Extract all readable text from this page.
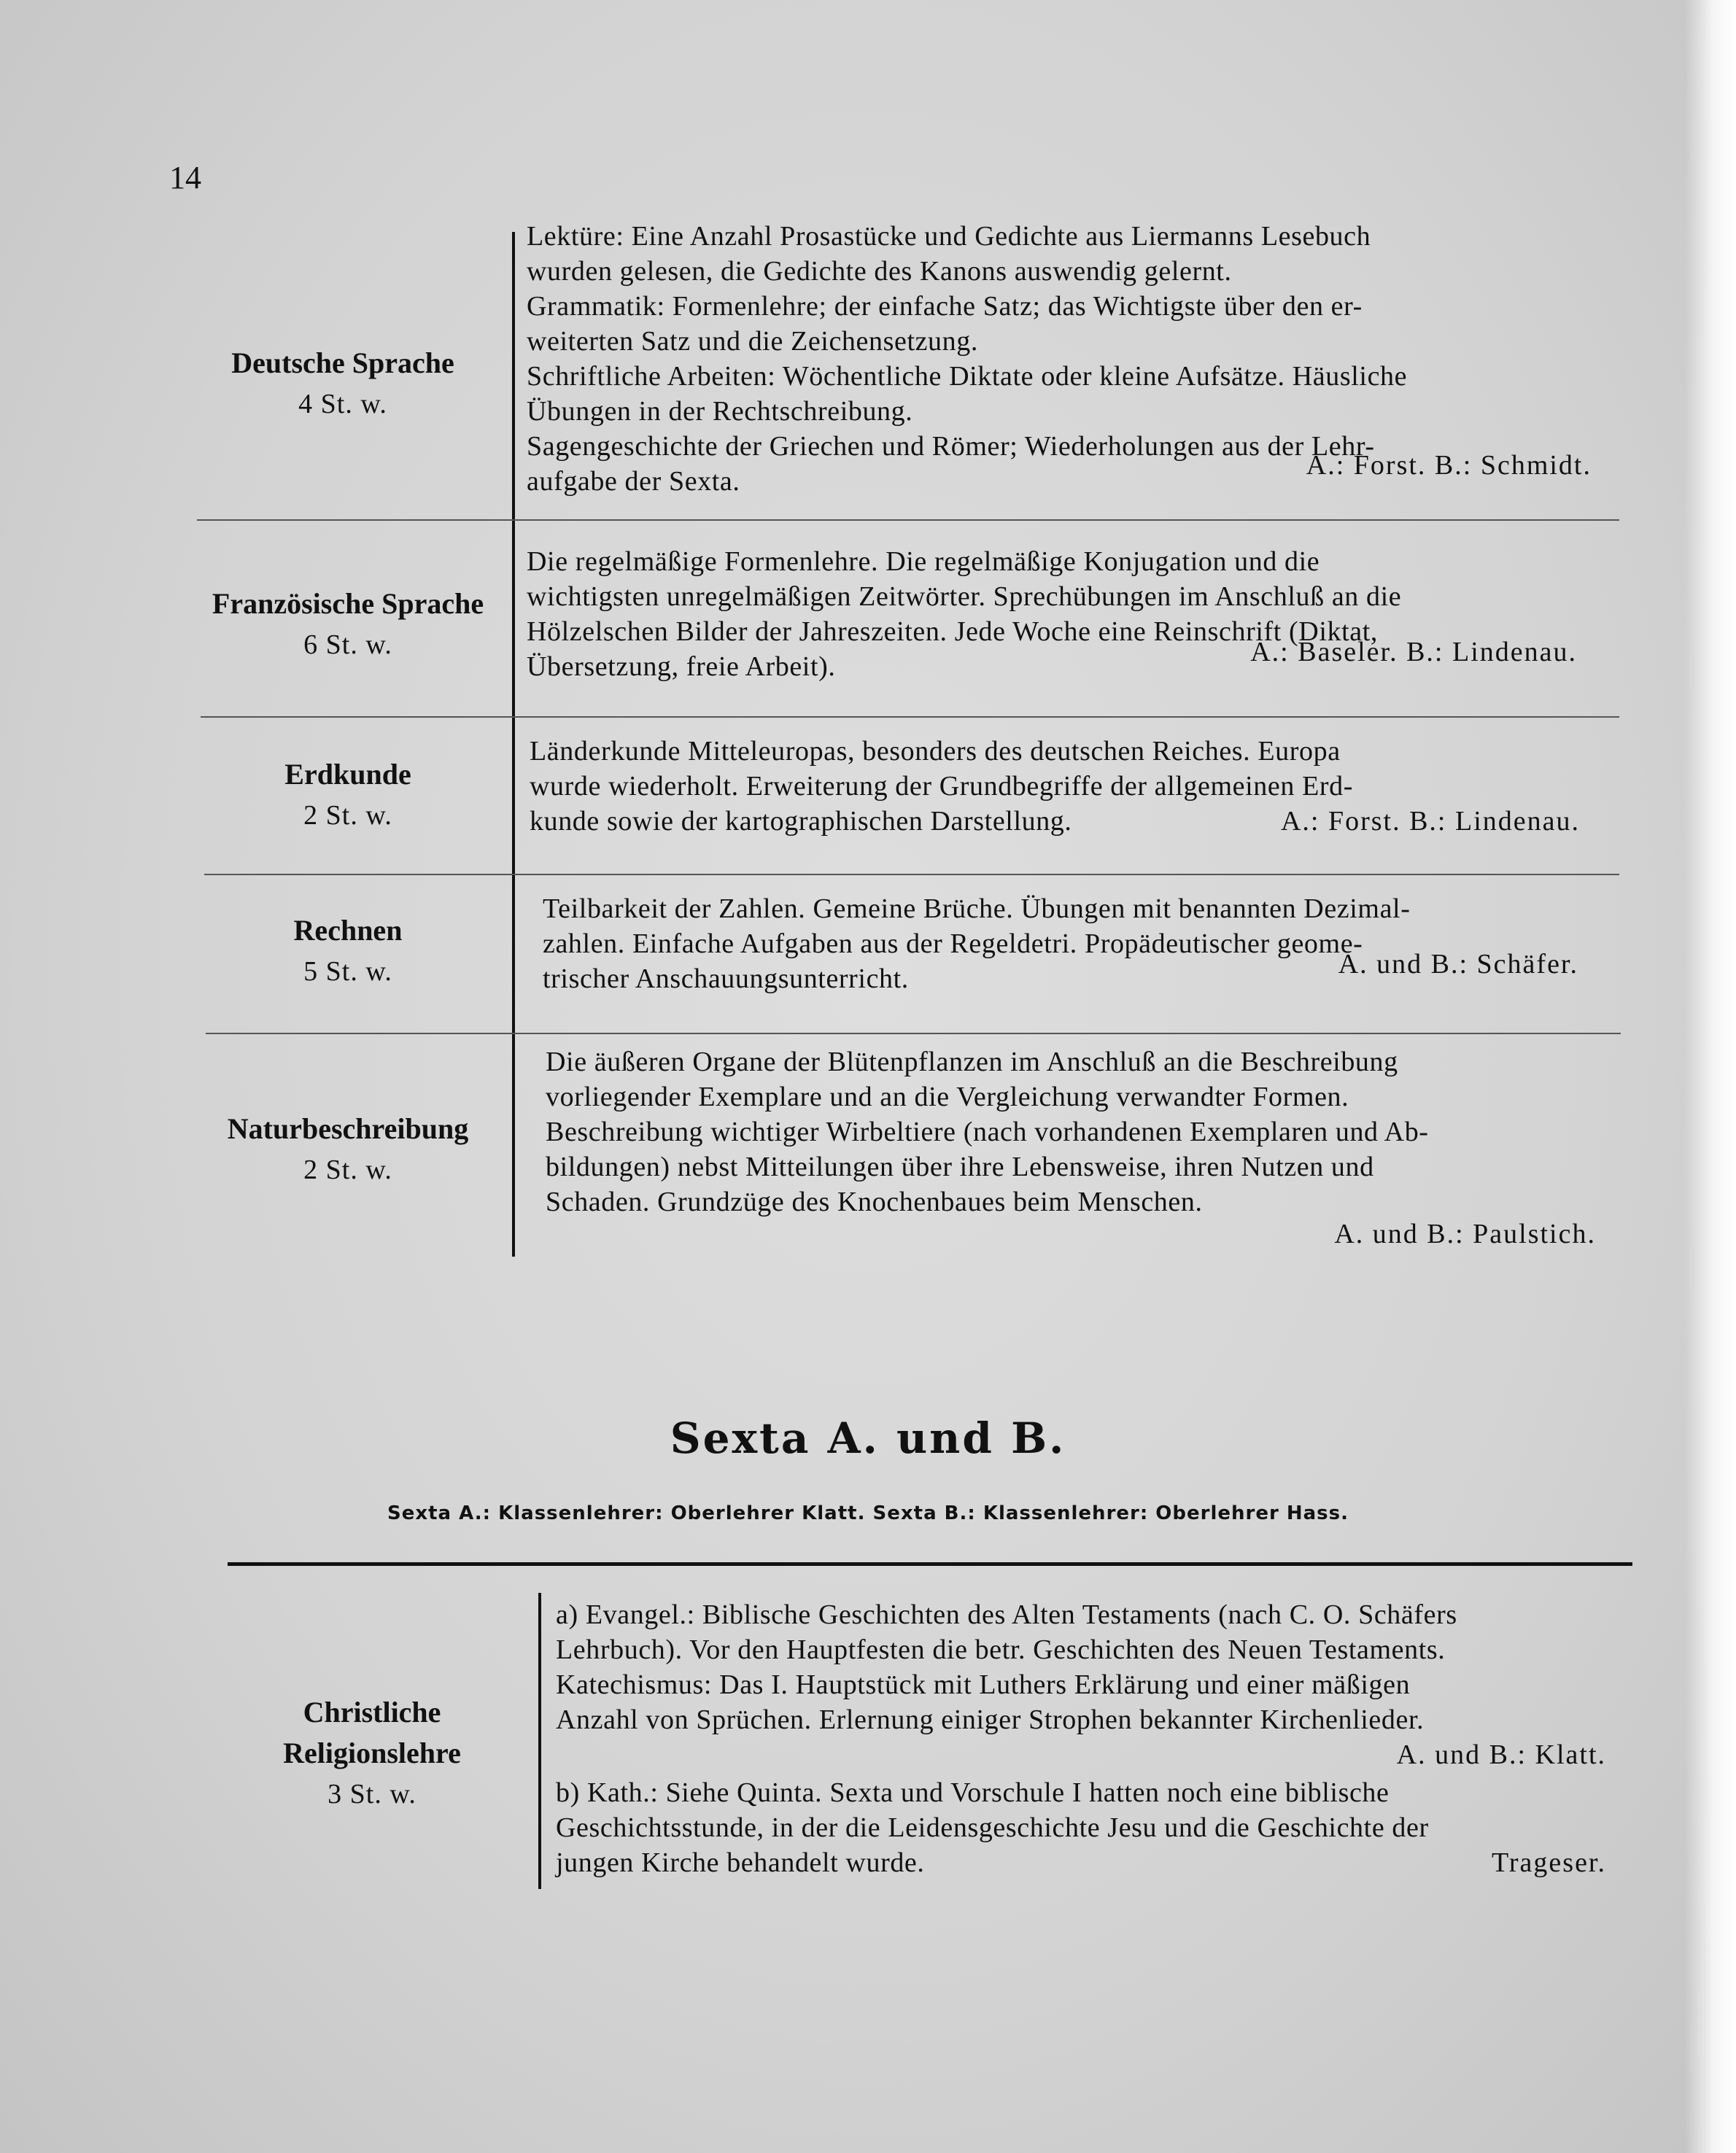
14
Deutsche Sprache
4 St. w.

Lektüre: Eine Anzahl Prosastücke und Gedichte aus Liermanns Lesebuch

wurden gelesen, die Gedichte des Kanons auswendig gelernt.

Grammatik: Formenlehre; der einfache Satz; das Wichtigste über den er-

weiterten Satz und die Zeichensetzung.

Schriftliche Arbeiten: Wöchentliche Diktate oder kleine Aufsätze. Häusliche

Übungen in der Rechtschreibung.

Sagengeschichte der Griechen und Römer; Wiederholungen aus der Lehr-

aufgabe der Sexta.

A.: Forst. B.: Schmidt.
Französische Sprache
6 St. w.

Die regelmäßige Formenlehre. Die regelmäßige Konjugation und die

wichtigsten unregelmäßigen Zeitwörter. Sprechübungen im Anschluß an die

Hölzelschen Bilder der Jahreszeiten. Jede Woche eine Reinschrift (Diktat,

Übersetzung, freie Arbeit).	A.: Baseler. B.: Lindenau.
Erdkunde
2 St. w.

Länderkunde Mitteleuropas, besonders des deutschen Reiches. Europa

wurde wiederholt. Erweiterung der Grundbegriffe der allgemeinen Erd-

kunde sowie der kartographischen Darstellung.	A.: Forst. B.: Lindenau.

Rechnen
5 St. w.

Teilbarkeit der Zahlen. Gemeine Brüche. Übungen mit benannten Dezimal-

zahlen. Einfache Aufgaben aus der Regeldetri. Propädeutischer geome-

trischer Anschauungsunterricht.	A. und B.: Schäfer.
Naturbeschreibung
2 St. w.

Die äußeren Organe der Blütenpflanzen im Anschluß an die Beschreibung

vorliegender Exemplare und an die Vergleichung verwandter Formen.

Beschreibung wichtiger Wirbeltiere (nach vorhandenen Exemplaren und Ab-

bildungen) nebst Mitteilungen über ihre Lebensweise, ihren Nutzen und

Schaden. Grundzüge des Knochenbaues beim Menschen.

A. und B.: Paulstich.

Sexta A. und B.
Sexta A.: Klassenlehrer: Oberlehrer Klatt. Sexta B.: Klassenlehrer: Oberlehrer Hass.
Christliche
Religionslehre
3 St. w.

a) Evangel.: Biblische Geschichten des Alten Testaments (nach C. O. Schäfers

Lehrbuch). Vor den Hauptfesten die betr. Geschichten des Neuen Testaments.

Katechismus: Das I. Hauptstück mit Luthers Erklärung und einer mäßigen

Anzahl von Sprüchen. Erlernung einiger Strophen bekannter Kirchenlieder.

A. und B.: Klatt.

b) Kath.: Siehe Quinta. Sexta und Vorschule I hatten noch eine biblische

Geschichtsstunde, in der die Leidensgeschichte Jesu und die Geschichte der

jungen Kirche behandelt wurde.	Trageser.
